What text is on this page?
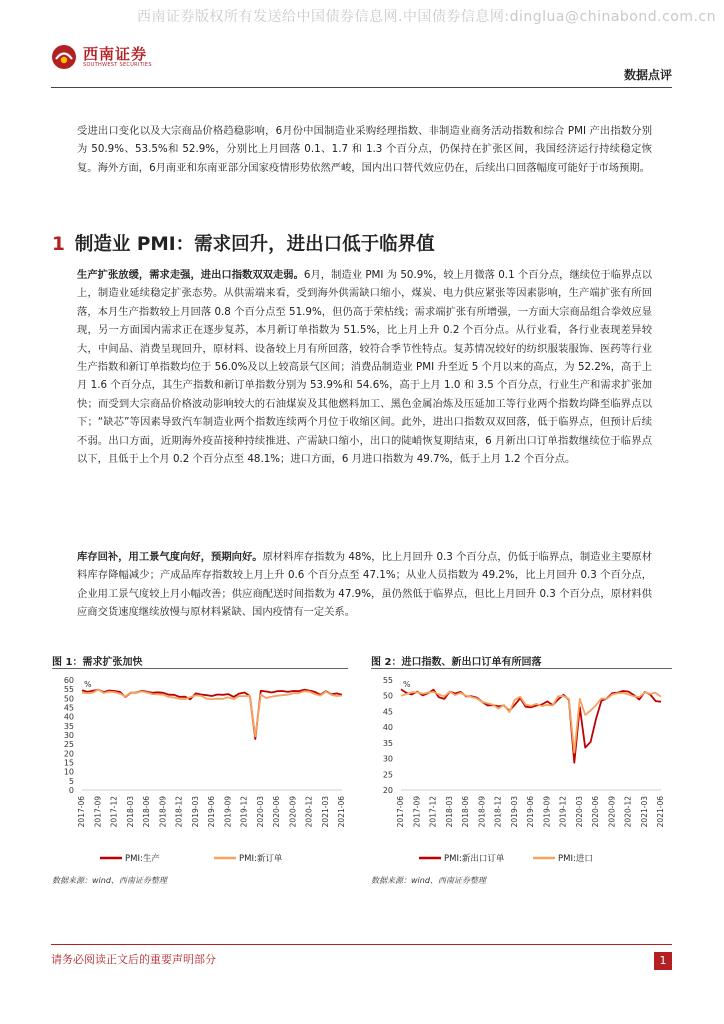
西南证券版权所有发送给中国债券信息网.中国债券信息网:dinglua@chinabond.com.cn
西南证券
SOUTHWEST SECURITIES
数据点评
受进出口变化以及大宗商品价格趋稳影响，6月份中国制造业采购经理指数、非制造业商务活动指数和综合 PMI 产出指数分别为 50.9%、53.5%和 52.9%，分别比上月回落 0.1、1.7 和 1.3 个百分点，仍保持在扩张区间，我国经济运行持续稳定恢复。海外方面，6月南亚和东南亚部分国家疫情形势依然严峻，国内出口替代效应仍在，后续出口回落幅度可能好于市场预期。
1 制造业 PMI：需求回升，进出口低于临界值
生产扩张放缓，需求走强，进出口指数双双走弱。6月，制造业 PMI 为 50.9%，较上月微落 0.1 个百分点，继续位于临界点以上，制造业延续稳定扩张态势。从供需端来看，受到海外供需缺口缩小，煤炭、电力供应紧张等因素影响，生产端扩张有所回落，本月生产指数较上月回落 0.8 个百分点至 51.9%，但仍高于荣枯线；需求端扩张有所增强，一方面大宗商品组合拳效应显现，另一方面国内需求正在逐步复苏，本月新订单指数为 51.5%，比上月上升 0.2 个百分点。从行业看，各行业表现差异较大，中间品、消费呈现回升，原材料、设备较上月有所回落，较符合季节性特点。复苏情况较好的纺织服装服饰、医药等行业生产指数和新订单指数均位于 56.0%及以上较高景气区间；消费品制造业 PMI 升至近 5 个月以来的高点，为 52.2%，高于上月 1.6 个百分点，其生产指数和新订单指数分别为 53.9%和 54.6%，高于上月 1.0 和 3.5 个百分点，行业生产和需求扩张加快；而受到大宗商品价格波动影响较大的石油煤炭及其他燃料加工、黑色金属冶炼及压延加工等行业两个指数均降至临界点以下；“缺芯”等因素导致汽车制造业两个指数连续两个月位于收缩区间。此外，进出口指数双双回落，低于临界点，但预计后续不弱。出口方面，近期海外疫苗接种持续推进、产需缺口缩小，出口的陡峭恢复期结束，6 月新出口订单指数继续位于临界点以下，且低于上个月 0.2 个百分点至 48.1%；进口方面，6 月进口指数为 49.7%，低于上月 1.2 个百分点。
库存回补，用工景气度向好，预期向好。原材料库存指数为 48%，比上月回升 0.3 个百分点，仍低于临界点，制造业主要原材料库存降幅减少；产成品库存指数较上月上升 0.6 个百分点至 47.1%；从业人员指数为 49.2%，比上月回升 0.3 个百分点，企业用工景气度较上月小幅改善；供应商配送时间指数为 47.9%，虽仍然低于临界点，但比上月回升 0.3 个百分点，原材料供应商交货速度继续放慢与原材料紧缺、国内疫情有一定关系。
图 1：需求扩张加快
%
0
5
10
15
20
25
30
35
40
45
50
55
60
2017-06 2017-09 2017-12 2018-03 2018-06 2018-09 2018-12 2019-03 2019-06 2019-09 2019-12 2020-03 2020-06 2020-09 2020-12 2021-03 2021-06
PMI:生产	PMI:新订单
数据来源：wind、西南证券整理
图 2：进口指数、新出口订单有所回落
%
20
25
30
35
40
45
50
55
2017-06 2017-09 2017-12 2018-03 2018-06 2018-09 2018-12 2019-03 2019-06 2019-09 2019-12 2020-03 2020-06 2020-09 2020-12 2021-03 2021-06
PMI:新出口订单	PMI:进口
数据来源：wind、西南证券整理
请务必阅读正文后的重要声明部分	1
